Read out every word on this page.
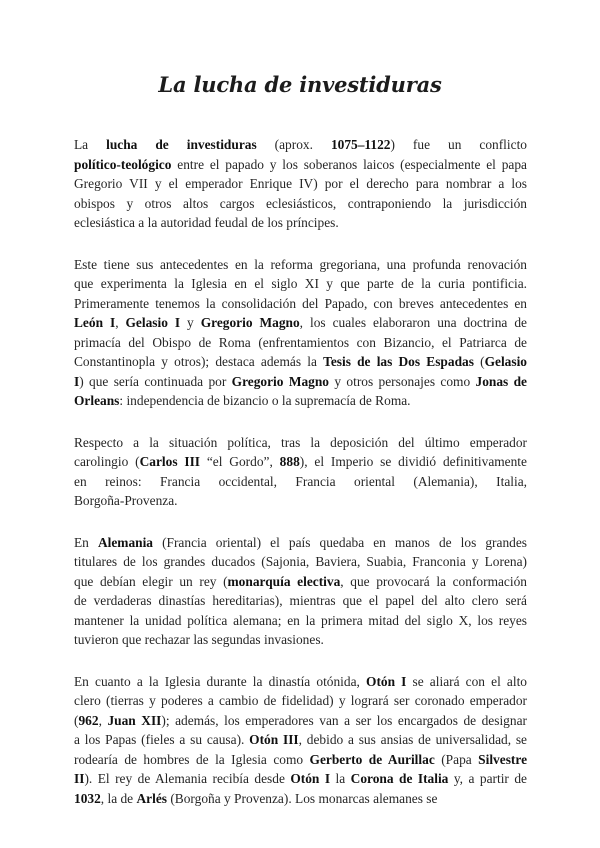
La lucha de investiduras

La lucha de investiduras (aprox. 1075–1122) fue un conflicto
político-teológico entre el papado y los soberanos laicos (especialmente el papa
Gregorio VII y el emperador Enrique IV) por el derecho para nombrar a los
obispos y otros altos cargos eclesiásticos, contraponiendo la jurisdicción
eclesiástica a la autoridad feudal de los príncipes.

Este tiene sus antecedentes en la reforma gregoriana, una profunda renovación
que experimenta la Iglesia en el siglo XI y que parte de la curia pontificia.
Primeramente tenemos la consolidación del Papado, con breves antecedentes en
León I, Gelasio I y Gregorio Magno, los cuales elaboraron una doctrina de
primacía del Obispo de Roma (enfrentamientos con Bizancio, el Patriarca de
Constantinopla y otros); destaca además la Tesis de las Dos Espadas (Gelasio
I) que sería continuada por Gregorio Magno y otros personajes como Jonas de
Orleans: independencia de bizancio o la supremacía de Roma.

Respecto a la situación política, tras la deposición del último emperador
carolingio (Carlos III “el Gordo”, 888), el Imperio se dividió definitivamente
en reinos: Francia occidental, Francia oriental (Alemania), Italia,
Borgoña-Provenza.

En Alemania (Francia oriental) el país quedaba en manos de los grandes
titulares de los grandes ducados (Sajonia, Baviera, Suabia, Franconia y Lorena)
que debían elegir un rey (monarquía electiva, que provocará la conformación
de verdaderas dinastías hereditarias), mientras que el papel del alto clero será
mantener la unidad política alemana; en la primera mitad del siglo X, los reyes
tuvieron que rechazar las segundas invasiones.

En cuanto a la Iglesia durante la dinastía otónida, Otón I se aliará con el alto
clero (tierras y poderes a cambio de fidelidad) y logrará ser coronado emperador
(962, Juan XII); además, los emperadores van a ser los encargados de designar
a los Papas (fieles a su causa). Otón III, debido a sus ansias de universalidad, se
rodearía de hombres de la Iglesia como Gerberto de Aurillac (Papa Silvestre
II). El rey de Alemania recibía desde Otón I la Corona de Italia y, a partir de
1032, la de Arlés (Borgoña y Provenza). Los monarcas alemanes se
